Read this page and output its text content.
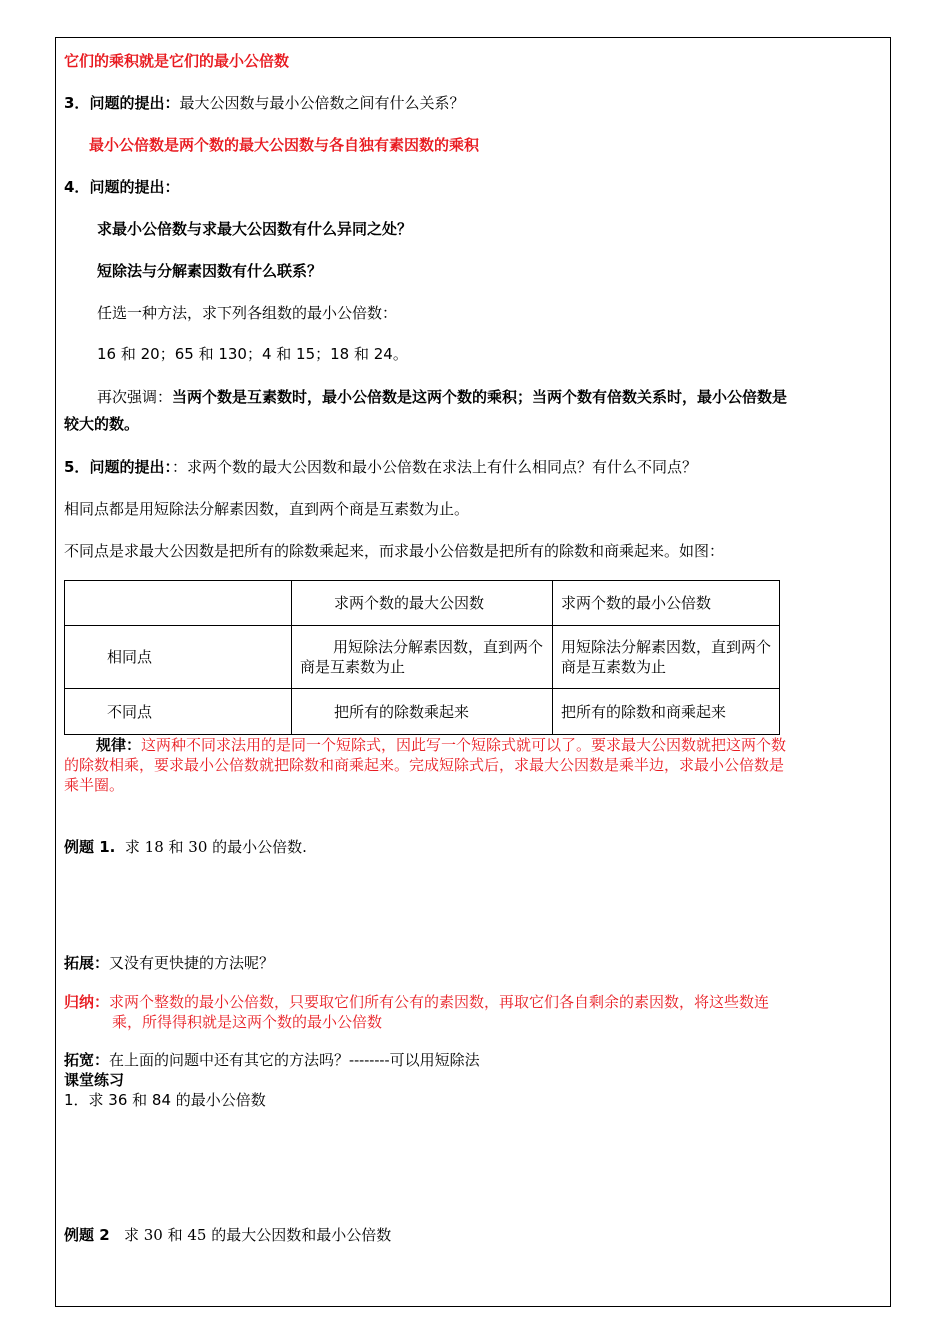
它们的乘积就是它们的最小公倍数
3．问题的提出：最大公因数与最小公倍数之间有什么关系？
最小公倍数是两个数的最大公因数与各自独有素因数的乘积
4．问题的提出：
求最小公倍数与求最大公因数有什么异同之处？
短除法与分解素因数有什么联系？
任选一种方法，求下列各组数的最小公倍数：
16 和 20；65 和 130；4 和 15；18 和 24。
再次强调：当两个数是互素数时，最小公倍数是这两个数的乘积；当两个数有倍数关系时，最小公倍数是
较大的数。
5．问题的提出：：求两个数的最大公因数和最小公倍数在求法上有什么相同点？有什么不同点？
相同点都是用短除法分解素因数，直到两个商是互素数为止。
不同点是求最大公因数是把所有的除数乘起来，而求最小公倍数是把所有的除数和商乘起来。如图：
	求两个数的最大公因数	求两个数的最小公倍数
相同点	用短除法分解素因数，直到两个商是互素数为止	用短除法分解素因数，直到两个商是互素数为止
不同点	把所有的除数乘起来	把所有的除数和商乘起来
规律：这两种不同求法用的是同一个短除式，因此写一个短除式就可以了。要求最大公因数就把这两个数
的除数相乘，要求最小公倍数就把除数和商乘起来。完成短除式后，求最大公因数是乘半边，求最小公倍数是
乘半圈。
例题 1. 求 18 和 30 的最小公倍数.
拓展：又没有更快捷的方法呢？
归纳：求两个整数的最小公倍数，只要取它们所有公有的素因数，再取它们各自剩余的素因数，将这些数连
乘，所得得积就是这两个数的最小公倍数
拓宽：在上面的问题中还有其它的方法吗？--------可以用短除法
课堂练习
1．求 36 和 84 的最小公倍数
例题 2 求 30 和 45 的最大公因数和最小公倍数
